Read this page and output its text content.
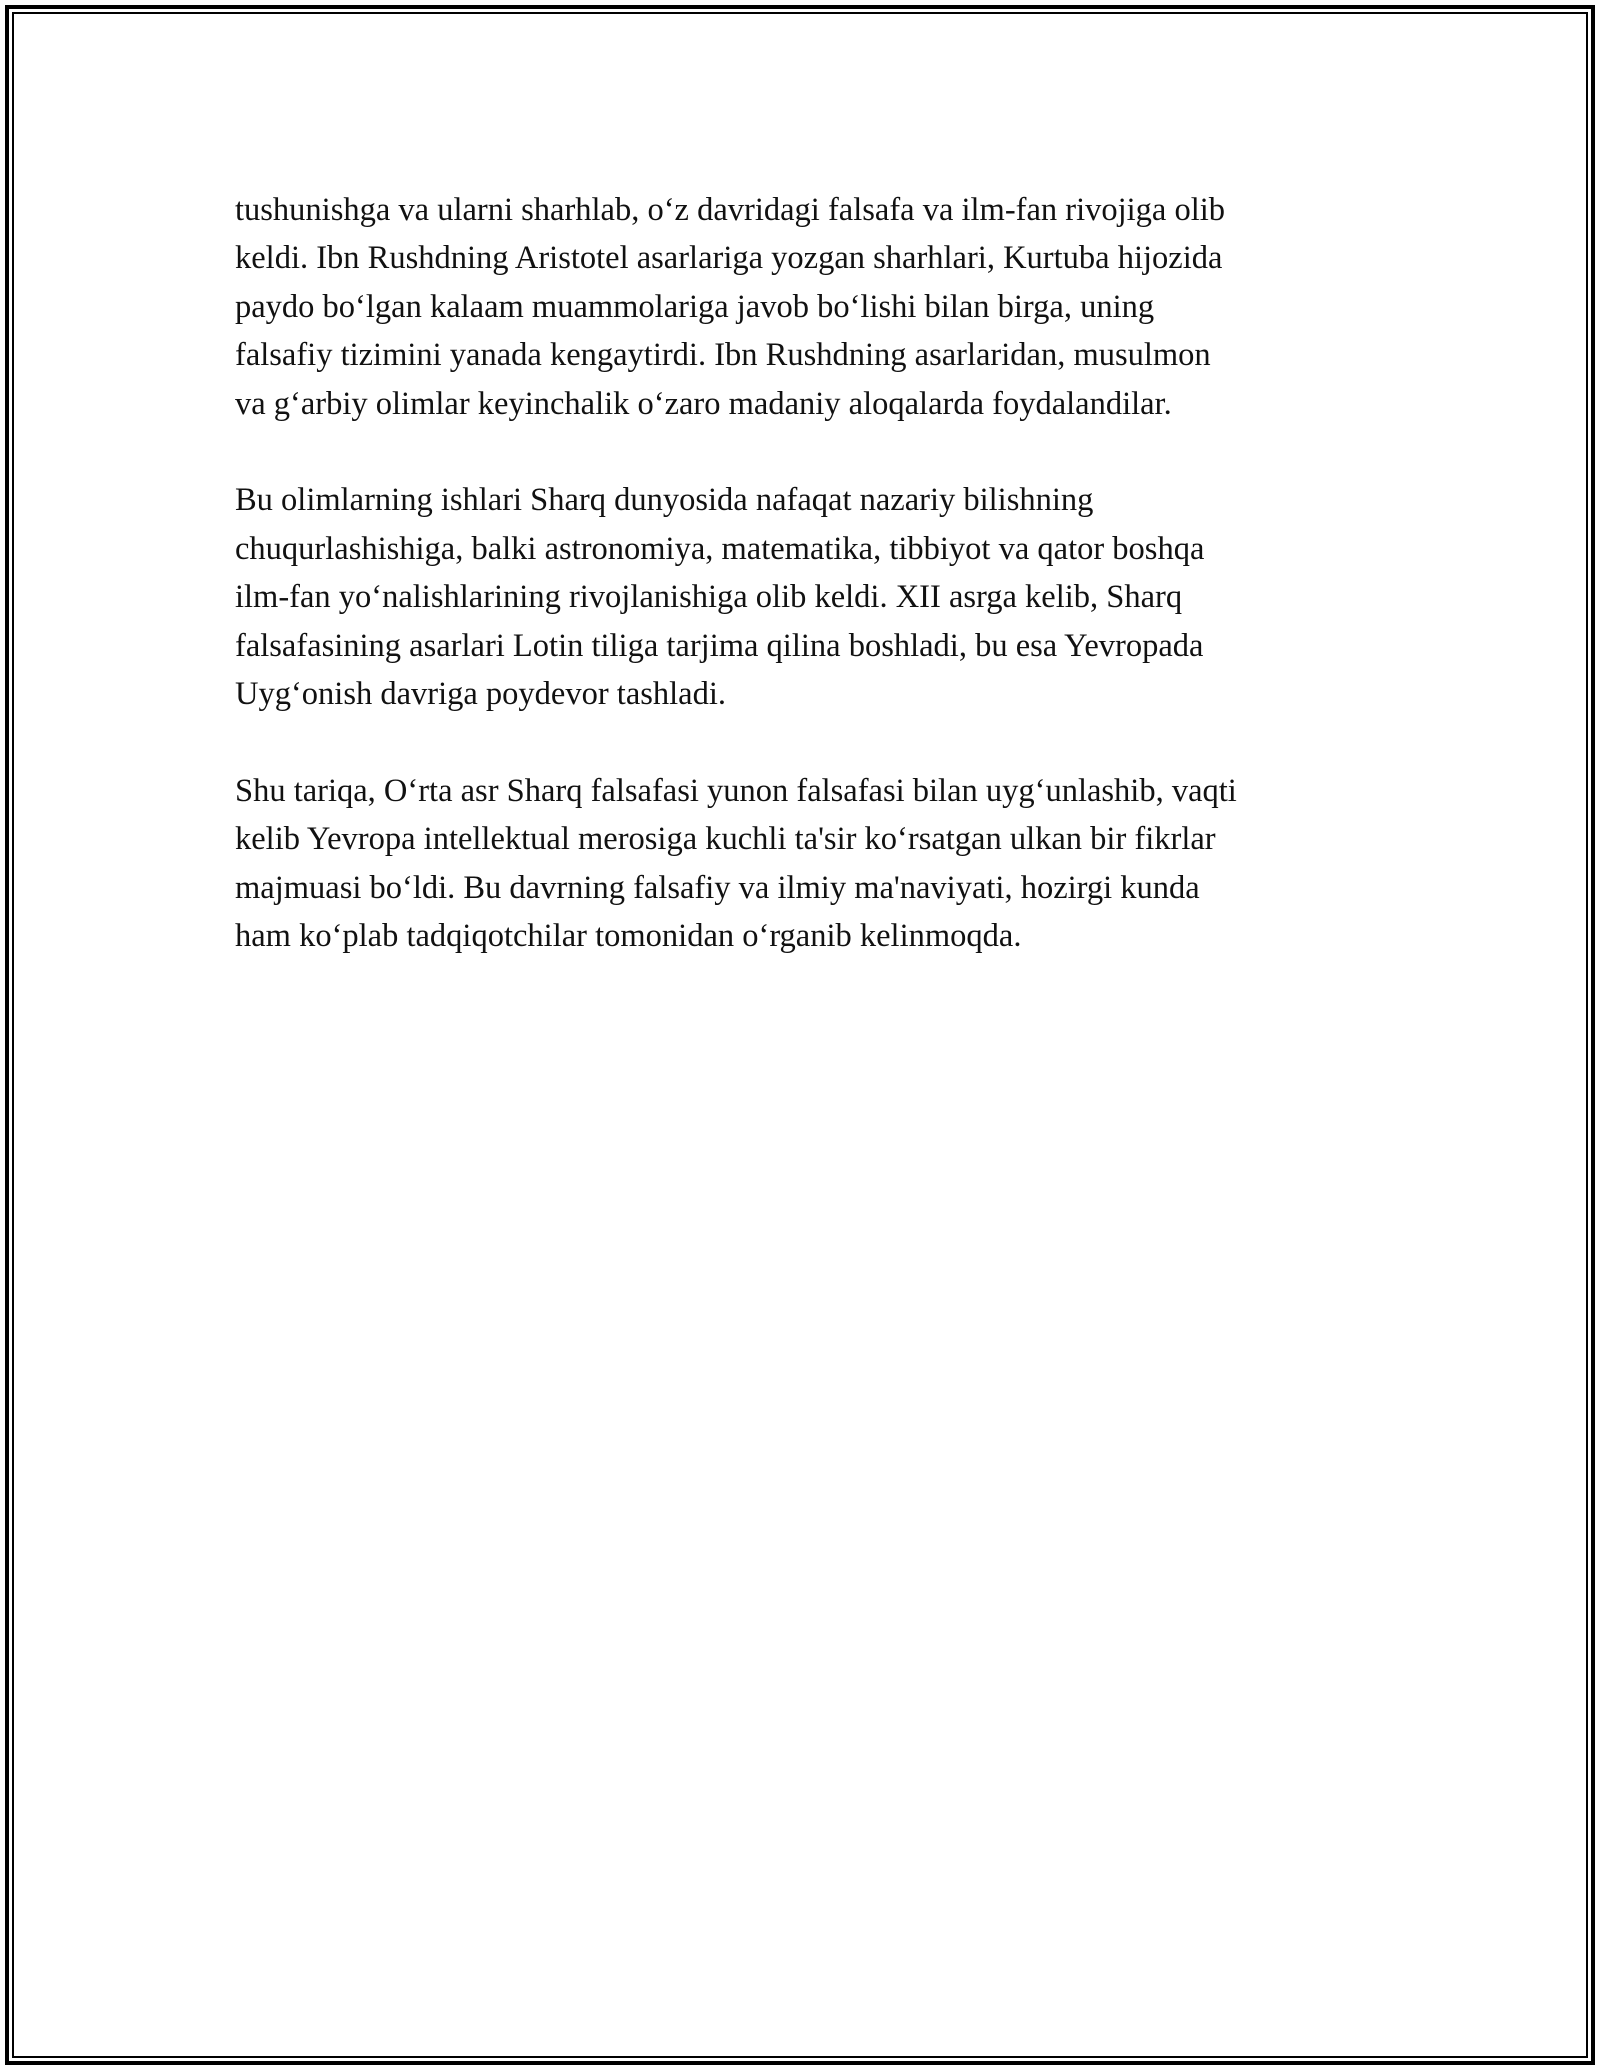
tushunishga va ularni sharhlab, o‘z davridagi falsafa va ilm-fan rivojiga olib
keldi. Ibn Rushdning Aristotel asarlariga yozgan sharhlari, Kurtuba hijozida
paydo bo‘lgan kalaam muammolariga javob bo‘lishi bilan birga, uning
falsafiy tizimini yanada kengaytirdi. Ibn Rushdning asarlaridan, musulmon
va g‘arbiy olimlar keyinchalik o‘zaro madaniy aloqalarda foydalandilar.

Bu olimlarning ishlari Sharq dunyosida nafaqat nazariy bilishning
chuqurlashishiga, balki astronomiya, matematika, tibbiyot va qator boshqa
ilm-fan yo‘nalishlarining rivojlanishiga olib keldi. XII asrga kelib, Sharq
falsafasining asarlari Lotin tiliga tarjima qilina boshladi, bu esa Yevropada
Uyg‘onish davriga poydevor tashladi.

Shu tariqa, O‘rta asr Sharq falsafasi yunon falsafasi bilan uyg‘unlashib, vaqti
kelib Yevropa intellektual merosiga kuchli ta'sir ko‘rsatgan ulkan bir fikrlar
majmuasi bo‘ldi. Bu davrning falsafiy va ilmiy ma'naviyati, hozirgi kunda
ham ko‘plab tadqiqotchilar tomonidan o‘rganib kelinmoqda.
